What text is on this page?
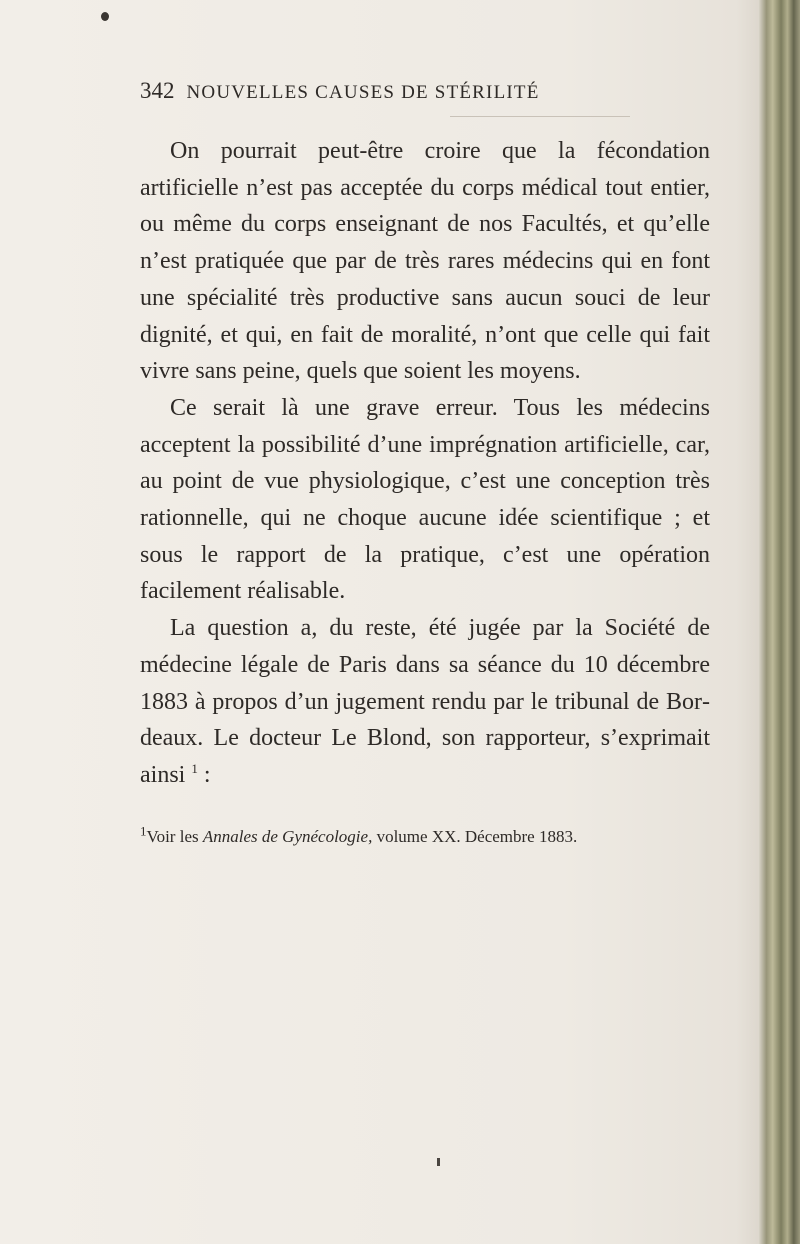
342 NOUVELLES CAUSES DE STÉRILITÉ

On pourrait peut-être croire que la fécondation artificielle n’est pas acceptée du corps médical tout entier, ou même du corps enseignant de nos Facultés, et qu’elle n’est pratiquée que par de très rares médecins qui en font une spécialité très productive sans aucun souci de leur dignité, et qui, en fait de moralité, n’ont que celle qui fait vivre sans peine, quels que soient les moyens.

Ce serait là une grave erreur. Tous les médecins acceptent la possibilité d’une imprégnation artificielle, car, au point de vue physiologique, c’est une conception très rationnelle, qui ne choque aucune idée scientifique ; et sous le rapport de la pratique, c’est une opération facilement réalisable.

La question a, du reste, été jugée par la Société de médecine légale de Paris dans sa séance du 10 décembre 1883 à propos d’un jugement rendu par le tribunal de Bordeaux. Le docteur Le Blond, son rapporteur, s’exprimait ainsi $^1$ :

$^1$Voir les Annales de Gynécologie, volume XX. Décembre 1883.
